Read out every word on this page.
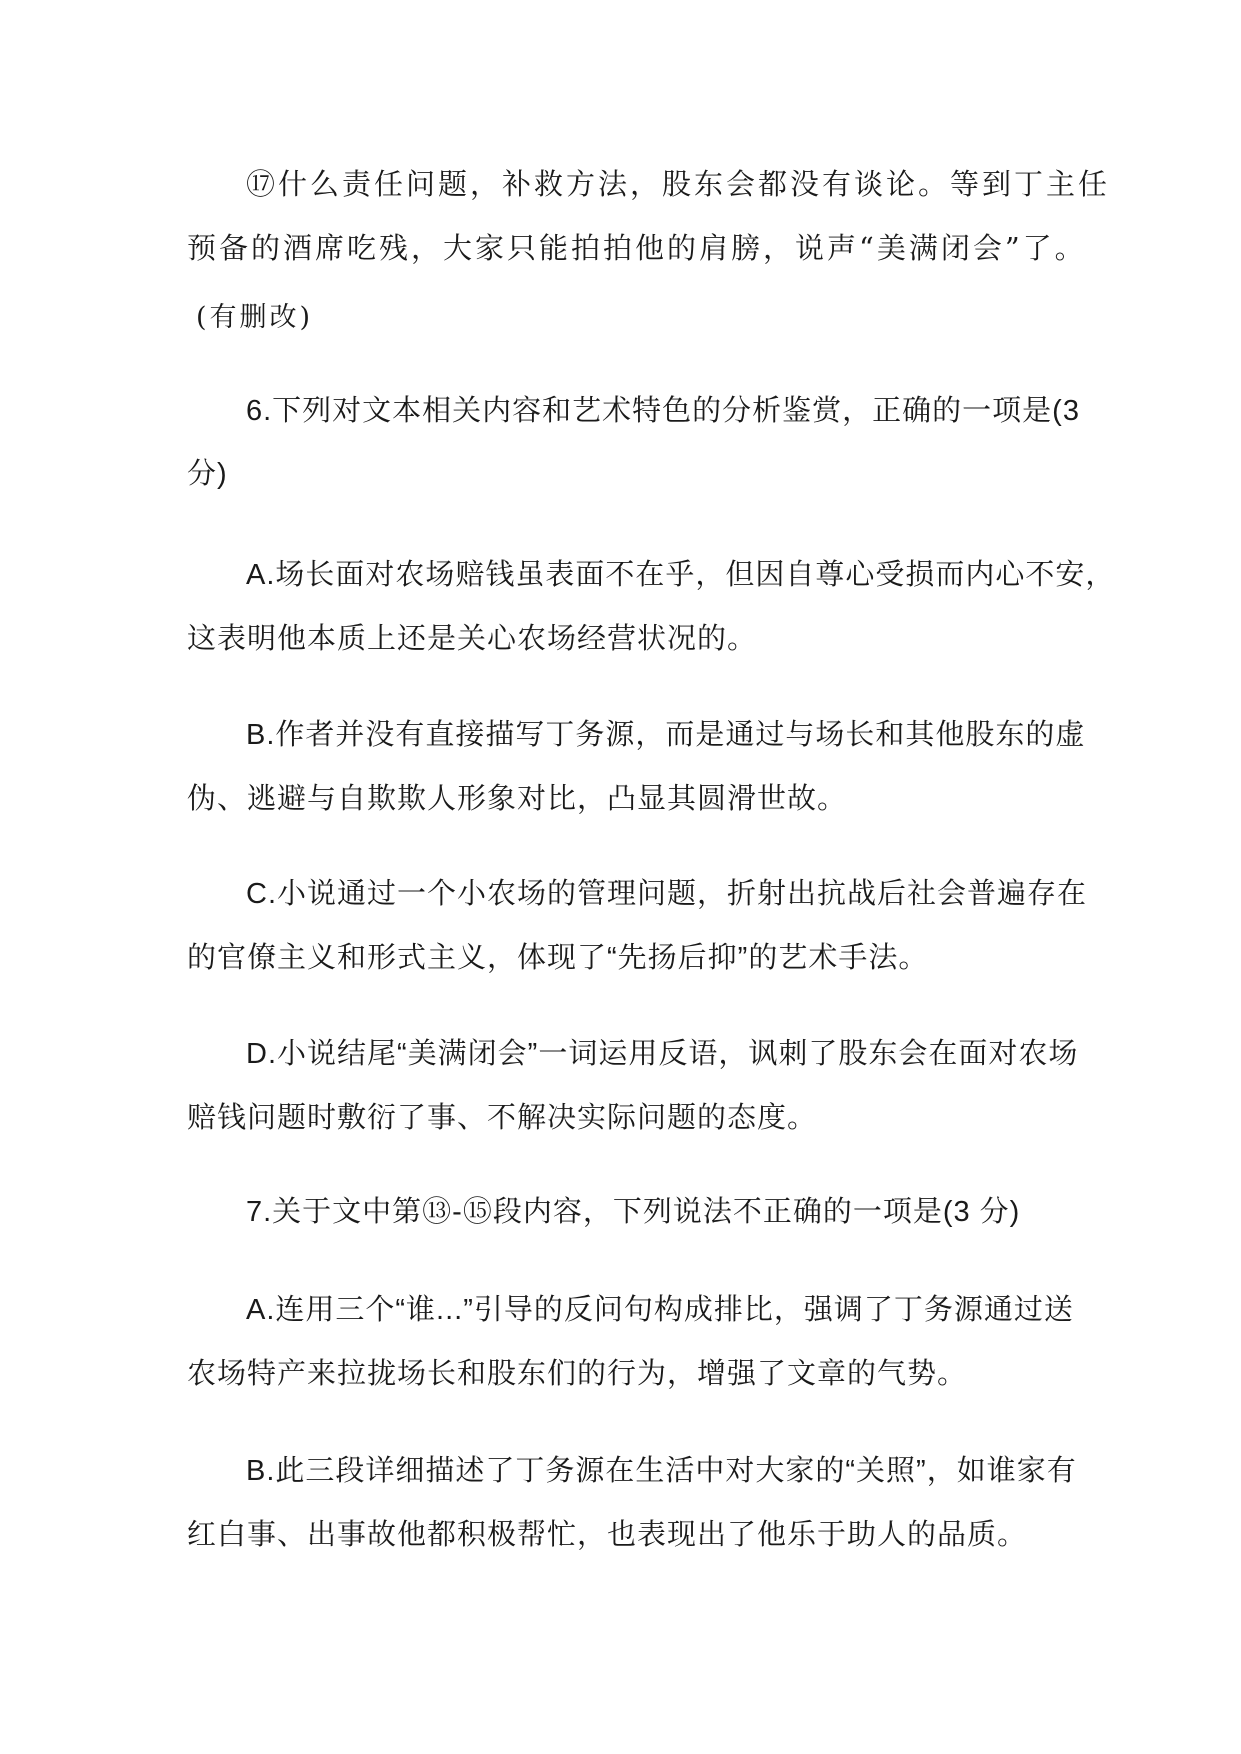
⑰什么责任问题，补救方法，股东会都没有谈论。等到丁主任

预备的酒席吃残，大家只能拍拍他的肩膀，说声“美满闭会”了。

(有删改)

6.下列对文本相关内容和艺术特色的分析鉴赏，正确的一项是(3

分)

A.场长面对农场赔钱虽表面不在乎，但因自尊心受损而内心不安，

这表明他本质上还是关心农场经营状况的。

B.作者并没有直接描写丁务源，而是通过与场长和其他股东的虚

伪、逃避与自欺欺人形象对比，凸显其圆滑世故。

C.小说通过一个小农场的管理问题，折射出抗战后社会普遍存在

的官僚主义和形式主义，体现了“先扬后抑”的艺术手法。

D.小说结尾“美满闭会”一词运用反语，讽刺了股东会在面对农场

赔钱问题时敷衍了事、不解决实际问题的态度。

7.关于文中第⑬-⑮段内容，下列说法不正确的一项是(3 分)

A.连用三个“谁...”引导的反问句构成排比，强调了丁务源通过送

农场特产来拉拢场长和股东们的行为，增强了文章的气势。

B.此三段详细描述了丁务源在生活中对大家的“关照”，如谁家有

红白事、出事故他都积极帮忙，也表现出了他乐于助人的品质。
